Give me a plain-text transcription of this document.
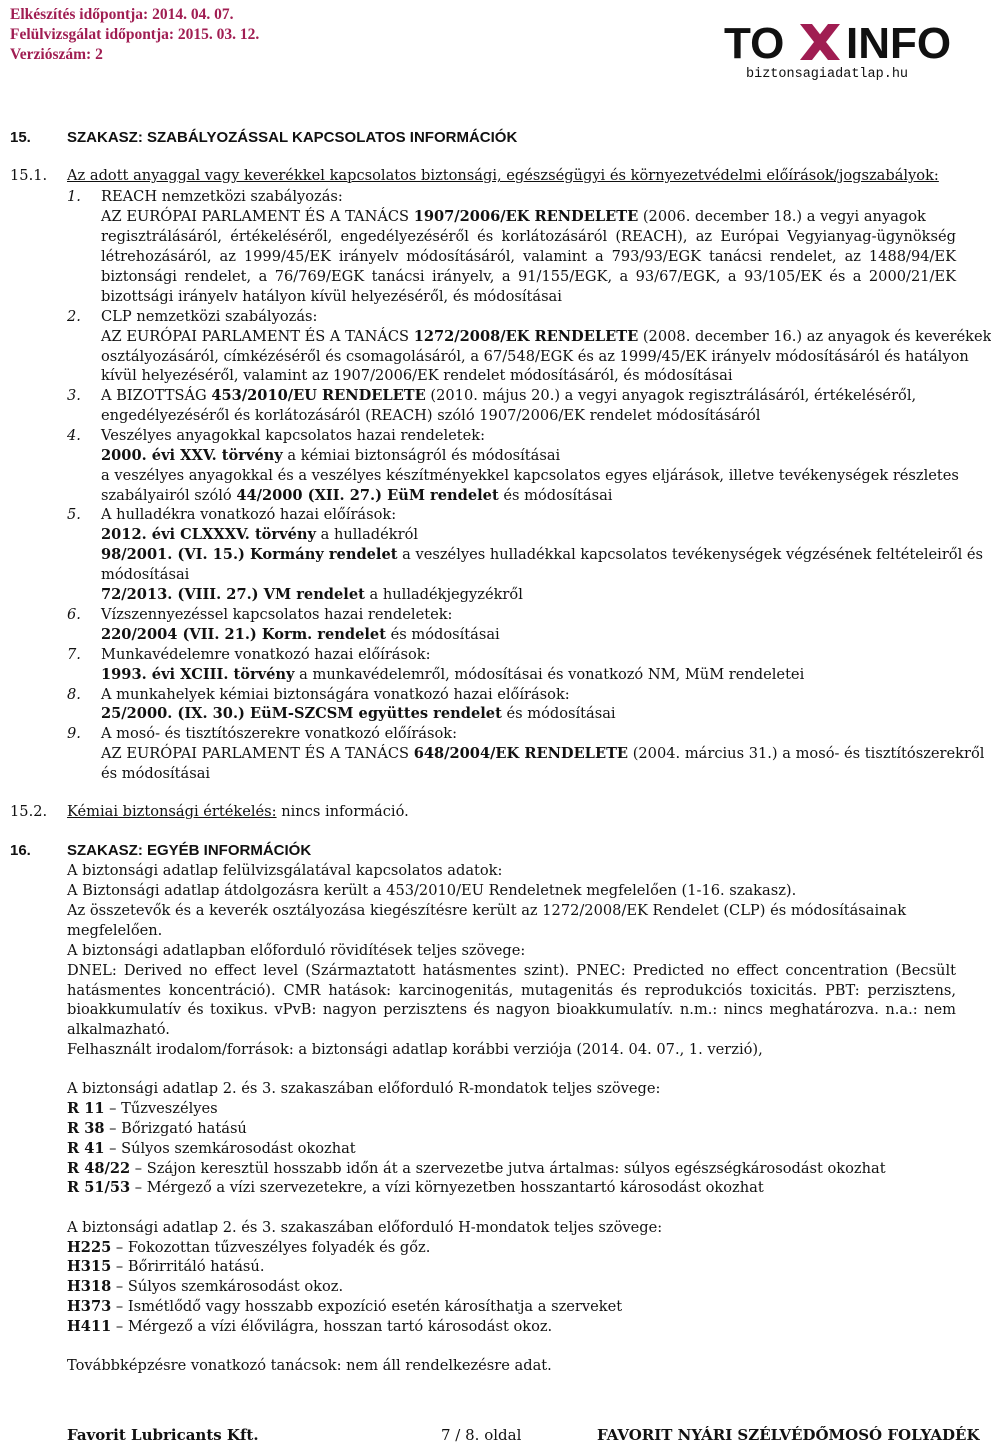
Elkészítés időpontja: 2014. 04. 07.
Felülvizsgálat időpontja: 2015. 03. 12.
Verziószám: 2	TO INFO
biztonsagiadatlap.hu
15. SZAKASZ: SZABÁLYOZÁSSAL KAPCSOLATOS INFORMÁCIÓK
15.1. Az adott anyaggal vagy keverékkel kapcsolatos biztonsági, egészségügyi és környezetvédelmi előírások/jogszabályok:
1. REACH nemzetközi szabályozás:
AZ EURÓPAI PARLAMENT ÉS A TANÁCS 1907/2006/EK RENDELETE (2006. december 18.) a vegyi anyagok
regisztrálásáról, értékeléséről, engedélyezéséről és korlátozásáról (REACH), az Európai Vegyianyag-ügynökség
létrehozásáról, az 1999/45/EK irányelv módosításáról, valamint a 793/93/EGK tanácsi rendelet, az 1488/94/EK
biztonsági rendelet, a 76/769/EGK tanácsi irányelv, a 91/155/EGK, a 93/67/EGK, a 93/105/EK és a 2000/21/EK
bizottsági irányelv hatályon kívül helyezéséről, és módosításai
2. CLP nemzetközi szabályozás:
AZ EURÓPAI PARLAMENT ÉS A TANÁCS 1272/2008/EK RENDELETE (2008. december 16.) az anyagok és keverékek
osztályozásáról, címkézéséről és csomagolásáról, a 67/548/EGK és az 1999/45/EK irányelv módosításáról és hatályon
kívül helyezéséről, valamint az 1907/2006/EK rendelet módosításáról, és módosításai
3. A BIZOTTSÁG 453/2010/EU RENDELETE (2010. május 20.) a vegyi anyagok regisztrálásáról, értékeléséről,
engedélyezéséről és korlátozásáról (REACH) szóló 1907/2006/EK rendelet módosításáról
4. Veszélyes anyagokkal kapcsolatos hazai rendeletek:
2000. évi XXV. törvény a kémiai biztonságról és módosításai
a veszélyes anyagokkal és a veszélyes készítményekkel kapcsolatos egyes eljárások, illetve tevékenységek részletes
szabályairól szóló 44/2000 (XII. 27.) EüM rendelet és módosításai
5. A hulladékra vonatkozó hazai előírások:
2012. évi CLXXXV. törvény a hulladékról
98/2001. (VI. 15.) Kormány rendelet a veszélyes hulladékkal kapcsolatos tevékenységek végzésének feltételeiről és
módosításai
72/2013. (VIII. 27.) VM rendelet a hulladékjegyzékről
6. Vízszennyezéssel kapcsolatos hazai rendeletek:
220/2004 (VII. 21.) Korm. rendelet és módosításai
7. Munkavédelemre vonatkozó hazai előírások:
1993. évi XCIII. törvény a munkavédelemről, módosításai és vonatkozó NM, MüM rendeletei
8. A munkahelyek kémiai biztonságára vonatkozó hazai előírások:
25/2000. (IX. 30.) EüM-SZCSM együttes rendelet és módosításai
9. A mosó- és tisztítószerekre vonatkozó előírások:
AZ EURÓPAI PARLAMENT ÉS A TANÁCS 648/2004/EK RENDELETE (2004. március 31.) a mosó- és tisztítószerekről
és módosításai
15.2. Kémiai biztonsági értékelés: nincs információ.
16. SZAKASZ: EGYÉB INFORMÁCIÓK
A biztonsági adatlap felülvizsgálatával kapcsolatos adatok:
A Biztonsági adatlap átdolgozásra került a 453/2010/EU Rendeletnek megfelelően (1-16. szakasz).
Az összetevők és a keverék osztályozása kiegészítésre került az 1272/2008/EK Rendelet (CLP) és módosításainak
megfelelően.
A biztonsági adatlapban előforduló rövidítések teljes szövege:
DNEL: Derived no effect level (Származtatott hatásmentes szint). PNEC: Predicted no effect concentration (Becsült
hatásmentes koncentráció). CMR hatások: karcinogenitás, mutagenitás és reprodukciós toxicitás. PBT: perzisztens,
bioakkumulatív és toxikus. vPvB: nagyon perzisztens és nagyon bioakkumulatív. n.m.: nincs meghatározva. n.a.: nem
alkalmazható.
Felhasznált irodalom/források: a biztonsági adatlap korábbi verziója (2014. 04. 07., 1. verzió),
A biztonsági adatlap 2. és 3. szakaszában előforduló R-mondatok teljes szövege:
R 11 – Tűzveszélyes
R 38 – Bőrizgató hatású
R 41 – Súlyos szemkárosodást okozhat
R 48/22 – Szájon keresztül hosszabb időn át a szervezetbe jutva ártalmas: súlyos egészségkárosodást okozhat
R 51/53 – Mérgező a vízi szervezetekre, a vízi környezetben hosszantartó károsodást okozhat
A biztonsági adatlap 2. és 3. szakaszában előforduló H-mondatok teljes szövege:
H225 – Fokozottan tűzveszélyes folyadék és gőz.
H315 – Bőrirritáló hatású.
H318 – Súlyos szemkárosodást okoz.
H373 – Ismétlődő vagy hosszabb expozíció esetén károsíthatja a szerveket
H411 – Mérgező a vízi élővilágra, hosszan tartó károsodást okoz.
Továbbképzésre vonatkozó tanácsok: nem áll rendelkezésre adat.
Favorit Lubricants Kft.	7 / 8. oldal	FAVORIT NYÁRI SZÉLVÉDŐMOSÓ FOLYADÉK
